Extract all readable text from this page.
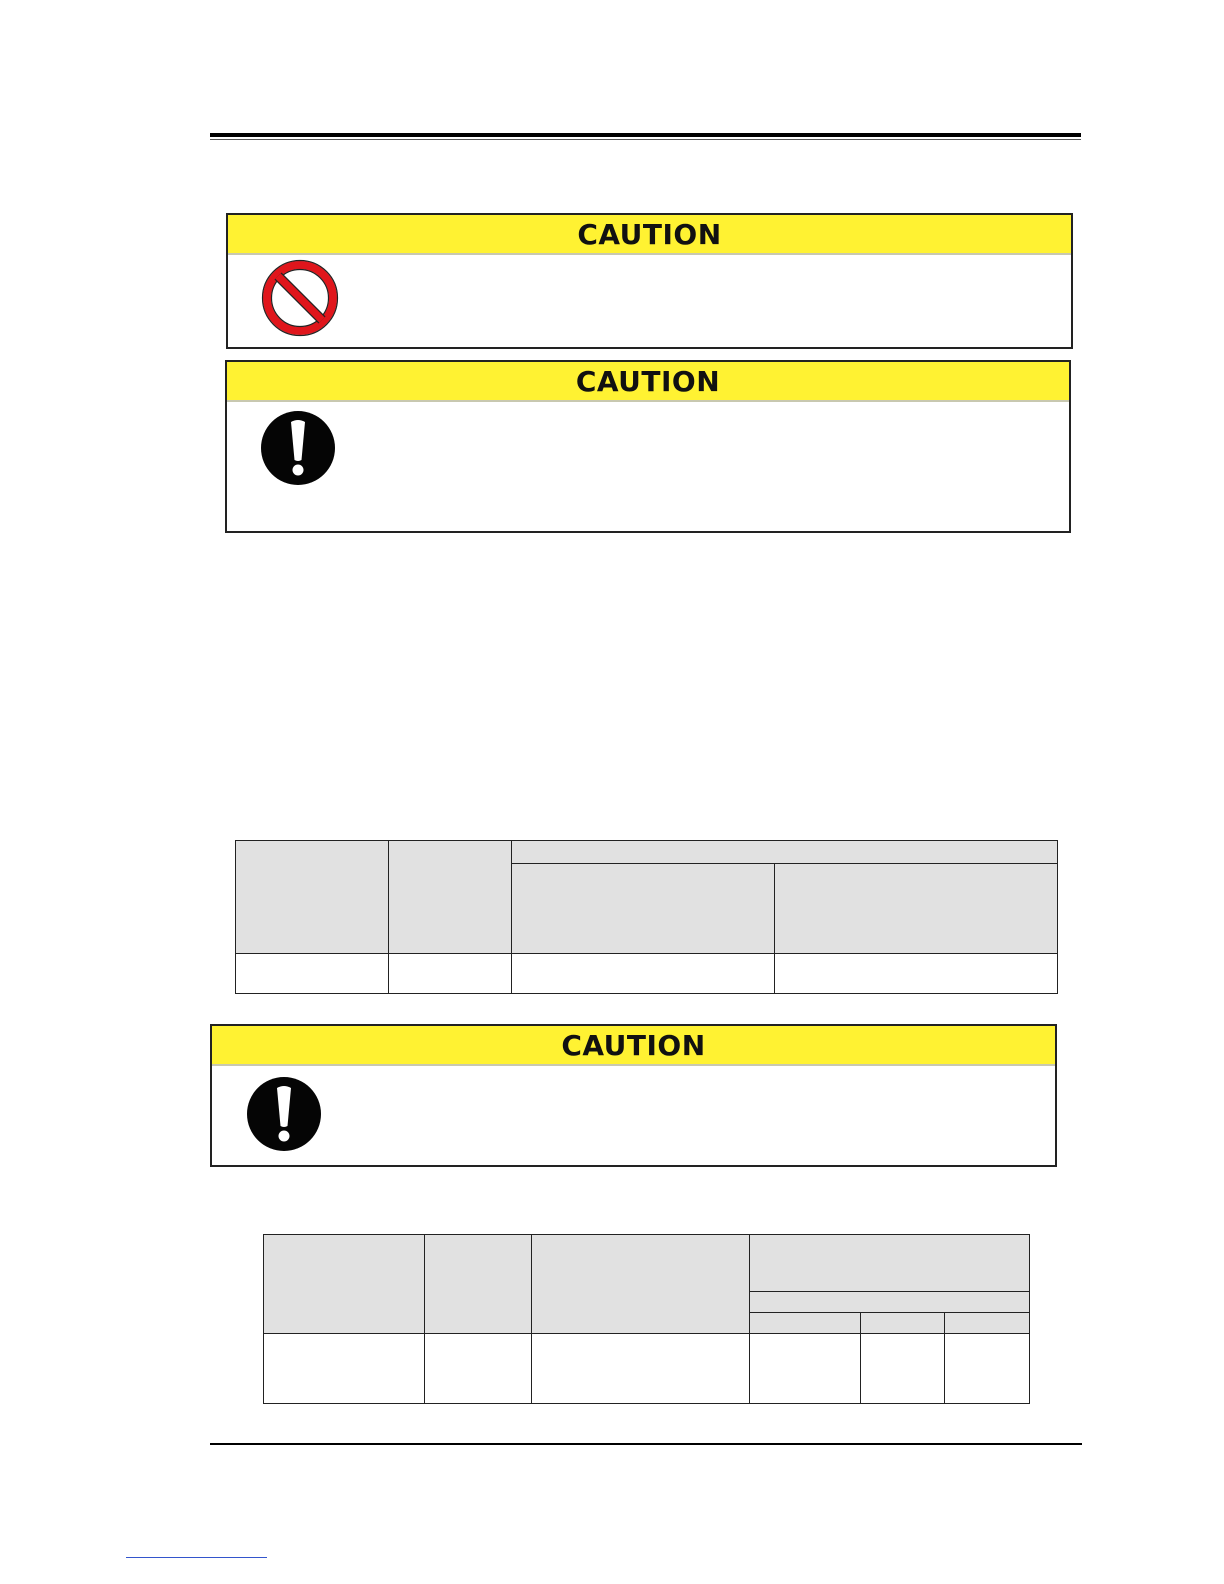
CAUTION
CAUTION

CAUTION
